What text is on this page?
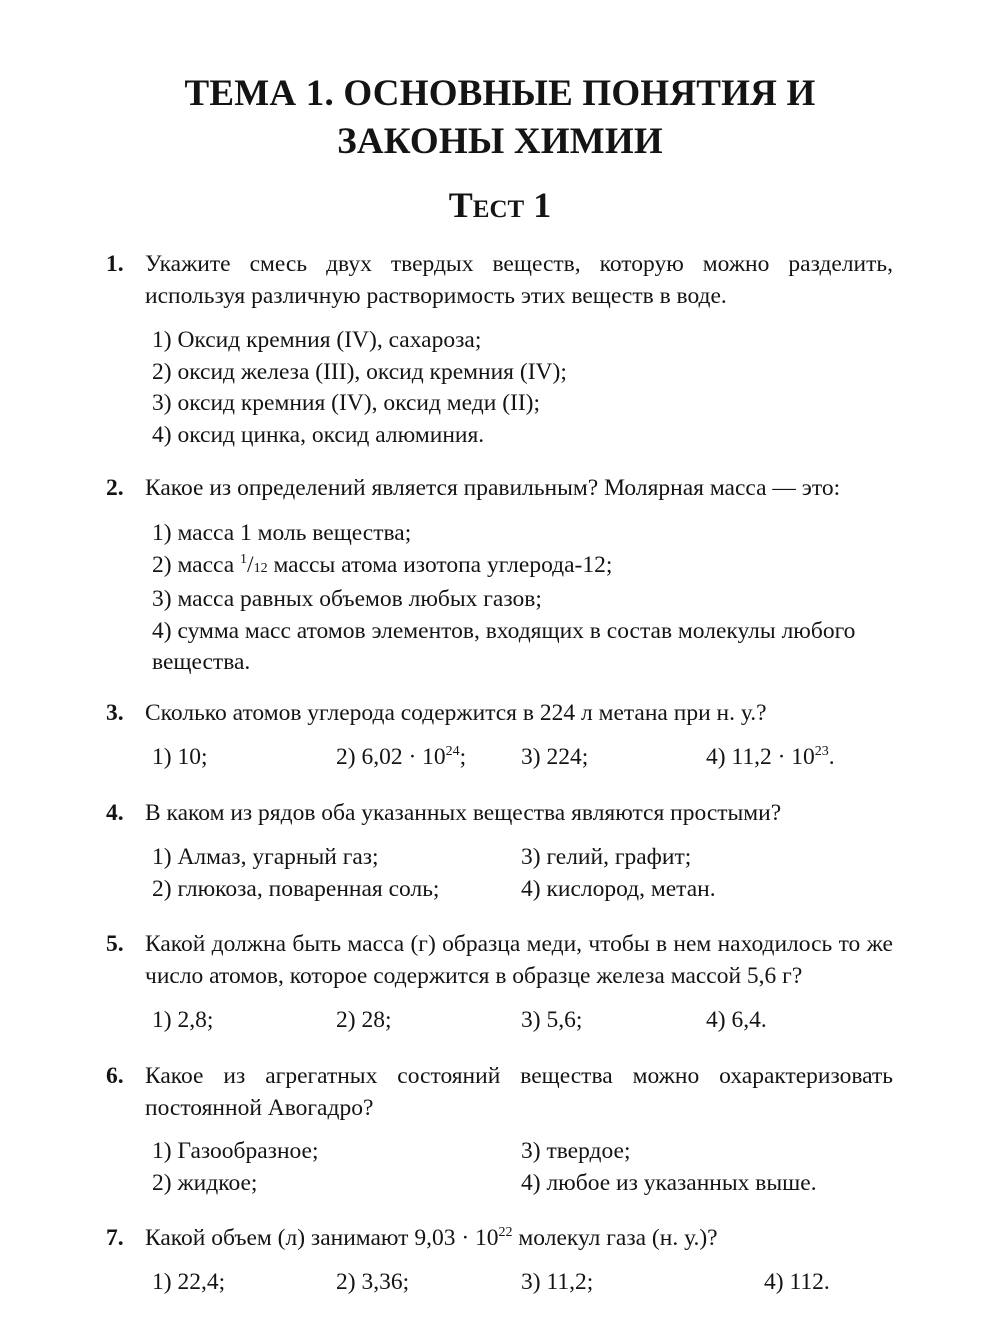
ТЕМА 1. ОСНОВНЫЕ ПОНЯТИЯ И
ЗАКОНЫ ХИМИИ
Тест 1
1. Укажите смесь двух твердых веществ, которую можно разделить, используя различную растворимость этих веществ в воде.
1) Оксид кремния (IV), сахароза;
2) оксид железа (III), оксид кремния (IV);
3) оксид кремния (IV), оксид меди (II);
4) оксид цинка, оксид алюминия.
2. Какое из определений является правильным? Молярная масса — это:
1) масса 1 моль вещества;
2) масса $^1$/12 массы атома изотопа углерода-12;
3) масса равных объемов любых газов;
4) сумма масс атомов элементов, входящих в состав молекулы любого вещества.
3. Сколько атомов углерода содержится в 224 л метана при н. у.?
1) 10;	2) $6,02 \cdot 10^{24}$; 3) 224;	4) $11,2 \cdot 10^{23}$.
4. В каком из рядов оба указанных вещества являются простыми?
1) Алмаз, угарный газ;	3) гелий, графит;
2) глюкоза, поваренная соль;	4) кислород, метан.
5. Какой должна быть масса (г) образца меди, чтобы в нем находилось то же число атомов, которое содержится в образце железа массой 5,6 г?
1) 2,8;	2) 28;	3) 5,6;	4) 6,4.
6. Какое из агрегатных состояний вещества можно охарактеризовать постоянной Авогадро?
1) Газообразное;	3) твердое;
2) жидкое;	4) любое из указанных выше.
7. Какой объем (л) занимают $9,03 \cdot 10^{22}$ молекул газа (н. у.)?
1) 22,4;	2) 3,36;	3) 11,2;	4) 112.
